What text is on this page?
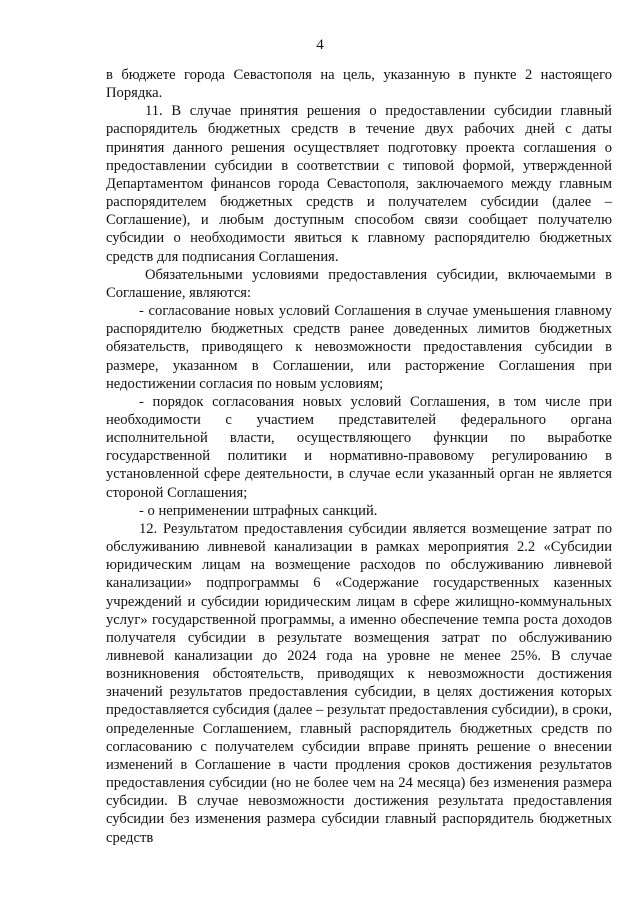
4

в бюджете города Севастополя на цель, указанную в пункте 2 настоящего Порядка.

11. В случае принятия решения о предоставлении субсидии главный распорядитель бюджетных средств в течение двух рабочих дней с даты принятия данного решения осуществляет подготовку проекта соглашения о предоставлении субсидии в соответствии с типовой формой, утвержденной Департаментом финансов города Севастополя, заключаемого между главным распорядителем бюджетных средств и получателем субсидии (далее – Соглашение), и любым доступным способом связи сообщает получателю субсидии о необходимости явиться к главному распорядителю бюджетных средств для подписания Соглашения.

Обязательными условиями предоставления субсидии, включаемыми в Соглашение, являются:

- согласование новых условий Соглашения в случае уменьшения главному распорядителю бюджетных средств ранее доведенных лимитов бюджетных обязательств, приводящего к невозможности предоставления субсидии в размере, указанном в Соглашении, или расторжение Соглашения при недостижении согласия по новым условиям;

- порядок согласования новых условий Соглашения, в том числе при необходимости с участием представителей федерального органа исполнительной власти, осуществляющего функции по выработке государственной политики и нормативно-правовому регулированию в установленной сфере деятельности, в случае если указанный орган не является стороной Соглашения;

- о неприменении штрафных санкций.

12. Результатом предоставления субсидии является возмещение затрат по обслуживанию ливневой канализации в рамках мероприятия 2.2 «Субсидии юридическим лицам на возмещение расходов по обслуживанию ливневой канализации» подпрограммы 6 «Содержание государственных казенных учреждений и субсидии юридическим лицам в сфере жилищно-коммунальных услуг» государственной программы, а именно обеспечение темпа роста доходов получателя субсидии в результате возмещения затрат по обслуживанию ливневой канализации до 2024 года на уровне не менее 25%. В случае возникновения обстоятельств, приводящих к невозможности достижения значений результатов предоставления субсидии, в целях достижения которых предоставляется субсидия (далее – результат предоставления субсидии), в сроки, определенные Соглашением, главный распорядитель бюджетных средств по согласованию с получателем субсидии вправе принять решение о внесении изменений в Соглашение в части продления сроков достижения результатов предоставления субсидии (но не более чем на 24 месяца) без изменения размера субсидии. В случае невозможности достижения результата предоставления субсидии без изменения размера субсидии главный распорядитель бюджетных средств
